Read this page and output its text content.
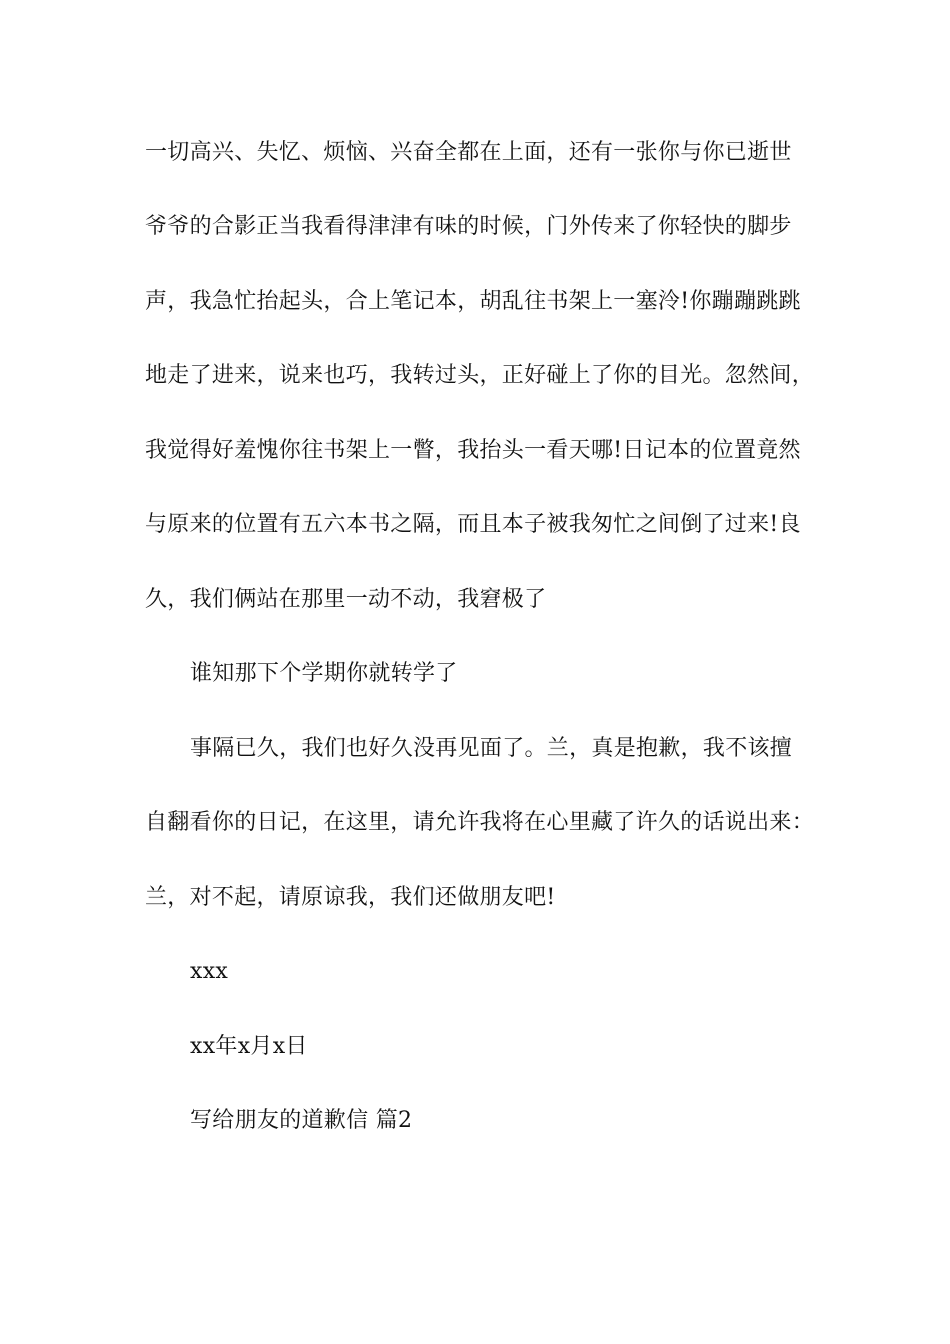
一切高兴、失忆、烦恼、兴奋全都在上面，还有一张你与你已逝世
爷爷的合影正当我看得津津有味的时候，门外传来了你轻快的脚步
声，我急忙抬起头，合上笔记本，胡乱往书架上一塞泠!你蹦蹦跳跳
地走了进来，说来也巧，我转过头，正好碰上了你的目光。忽然间，
我觉得好羞愧你往书架上一瞥，我抬头一看天哪!日记本的位置竟然
与原来的位置有五六本书之隔，而且本子被我匆忙之间倒了过来!良
久，我们俩站在那里一动不动，我窘极了
谁知那下个学期你就转学了
事隔已久，我们也好久没再见面了。兰，真是抱歉，我不该擅
自翻看你的日记，在这里，请允许我将在心里藏了许久的话说出来：
兰，对不起，请原谅我，我们还做朋友吧!
xxx
xx年x月x日
写给朋友的道歉信 篇2
